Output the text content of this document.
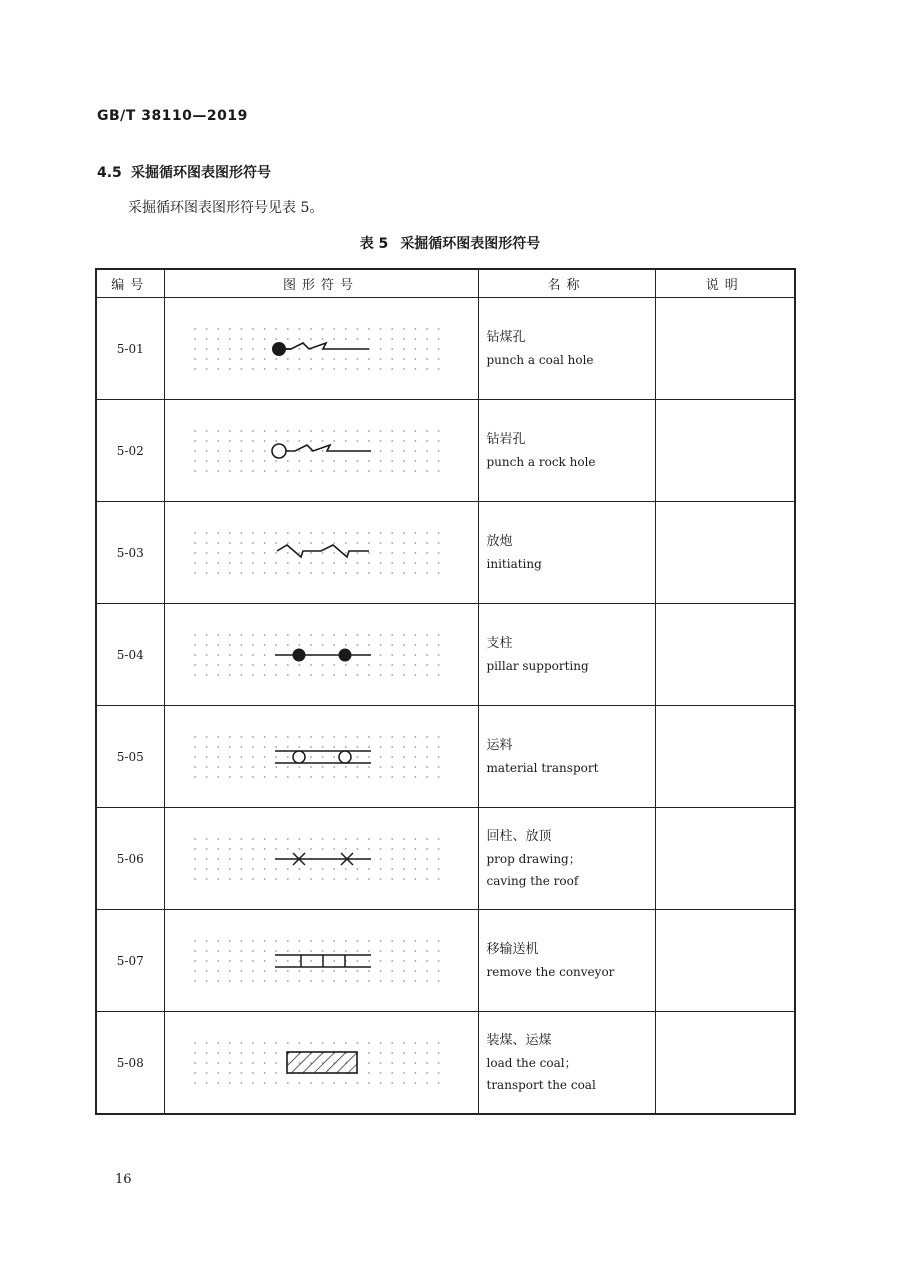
GB/T 38110—2019
4.5 采掘循环图表图形符号
采掘循环图表图形符号见表 5。
表 5 采掘循环图表图形符号
编号	图形符号	名称	说明
5-01		钻煤孔
punch a coal hole	

5-02		钻岩孔
punch a rock hole	

5-03		放炮
initiating	

5-04		支柱
pillar supporting	

5-05		运料
material transport	

5-06		回柱、放顶
prop drawing；
caving the roof	

5-07		移输送机
remove the conveyor	

5-08		装煤、运煤
load the coal；
transport the coal	

16
